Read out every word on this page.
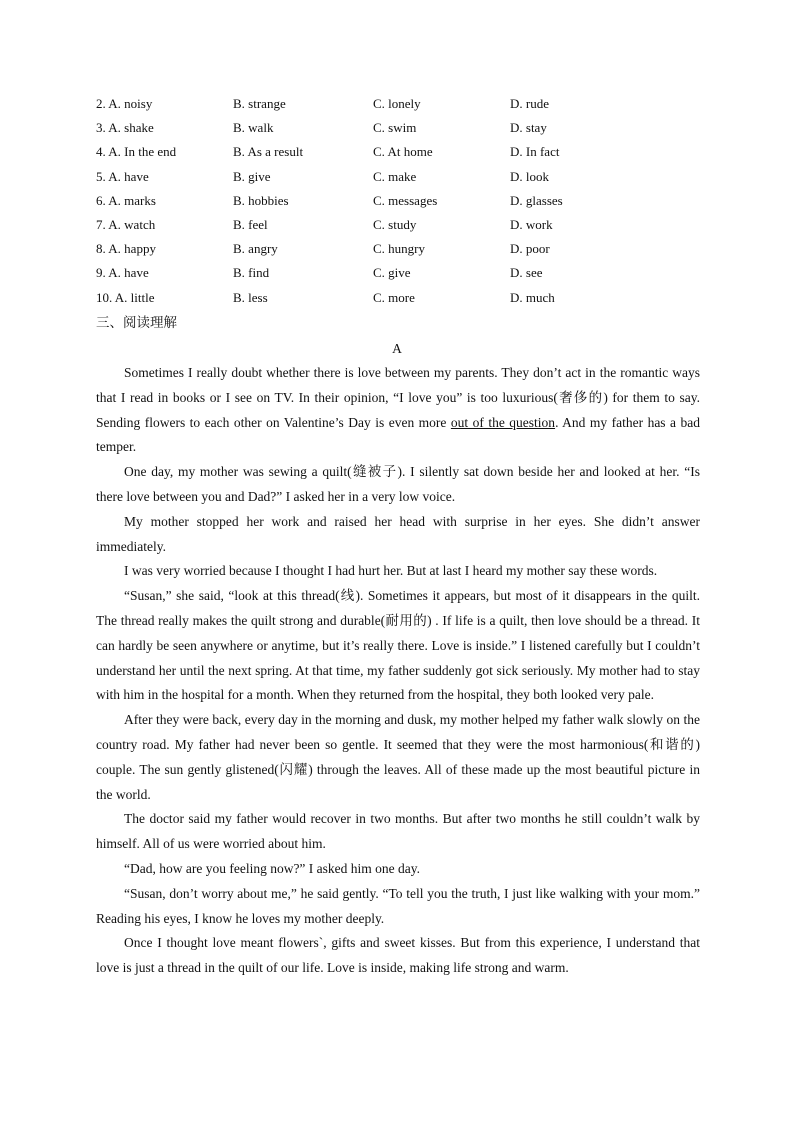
2. A. noisy	B. strange	C. lonely	D. rude
3. A. shake	B. walk	C. swim	D. stay
4. A. In the end	B. As a result	C. At home	D. In fact
5. A. have	B. give	C. make	D. look
6. A. marks	B. hobbies	C. messages	D. glasses
7. A. watch	B. feel	C. study	D. work
8. A. happy	B. angry	C. hungry	D. poor
9. A. have	B. find	C. give	D. see
10. A. little	B. less	C. more	D. much
三、阅读理解
A

Sometimes I really doubt whether there is love between my parents. They don’t act in the romantic ways that I read in books or I see on TV. In their opinion, “I love you” is too luxurious(奢侈的) for them to say. Sending flowers to each other on Valentine’s Day is even more out of the question. And my father has a bad temper.

One day, my mother was sewing a quilt(缝被子). I silently sat down beside her and looked at her. “Is there love between you and Dad?” I asked her in a very low voice.

My mother stopped her work and raised her head with surprise in her eyes. She didn’t answer immediately.

I was very worried because I thought I had hurt her. But at last I heard my mother say these words.

“Susan,” she said, “look at this thread(线). Sometimes it appears, but most of it disappears in the quilt. The thread really makes the quilt strong and durable(耐用的) . If life is a quilt, then love should be a thread. It can hardly be seen anywhere or anytime, but it’s really there. Love is inside.” I listened carefully but I couldn’t understand her until the next spring. At that time, my father suddenly got sick seriously. My mother had to stay with him in the hospital for a month. When they returned from the hospital, they both looked very pale.

After they were back, every day in the morning and dusk, my mother helped my father walk slowly on the country road. My father had never been so gentle. It seemed that they were the most harmonious(和谐的) couple. The sun gently glistened(闪耀) through the leaves. All of these made up the most beautiful picture in the world.

The doctor said my father would recover in two months. But after two months he still couldn’t walk by himself. All of us were worried about him.

“Dad, how are you feeling now?” I asked him one day.

“Susan, don’t worry about me,” he said gently. “To tell you the truth, I just like walking with your mom.” Reading his eyes, I know he loves my mother deeply.

Once I thought love meant flowers`, gifts and sweet kisses. But from this experience, I understand that love is just a thread in the quilt of our life. Love is inside, making life strong and warm.
